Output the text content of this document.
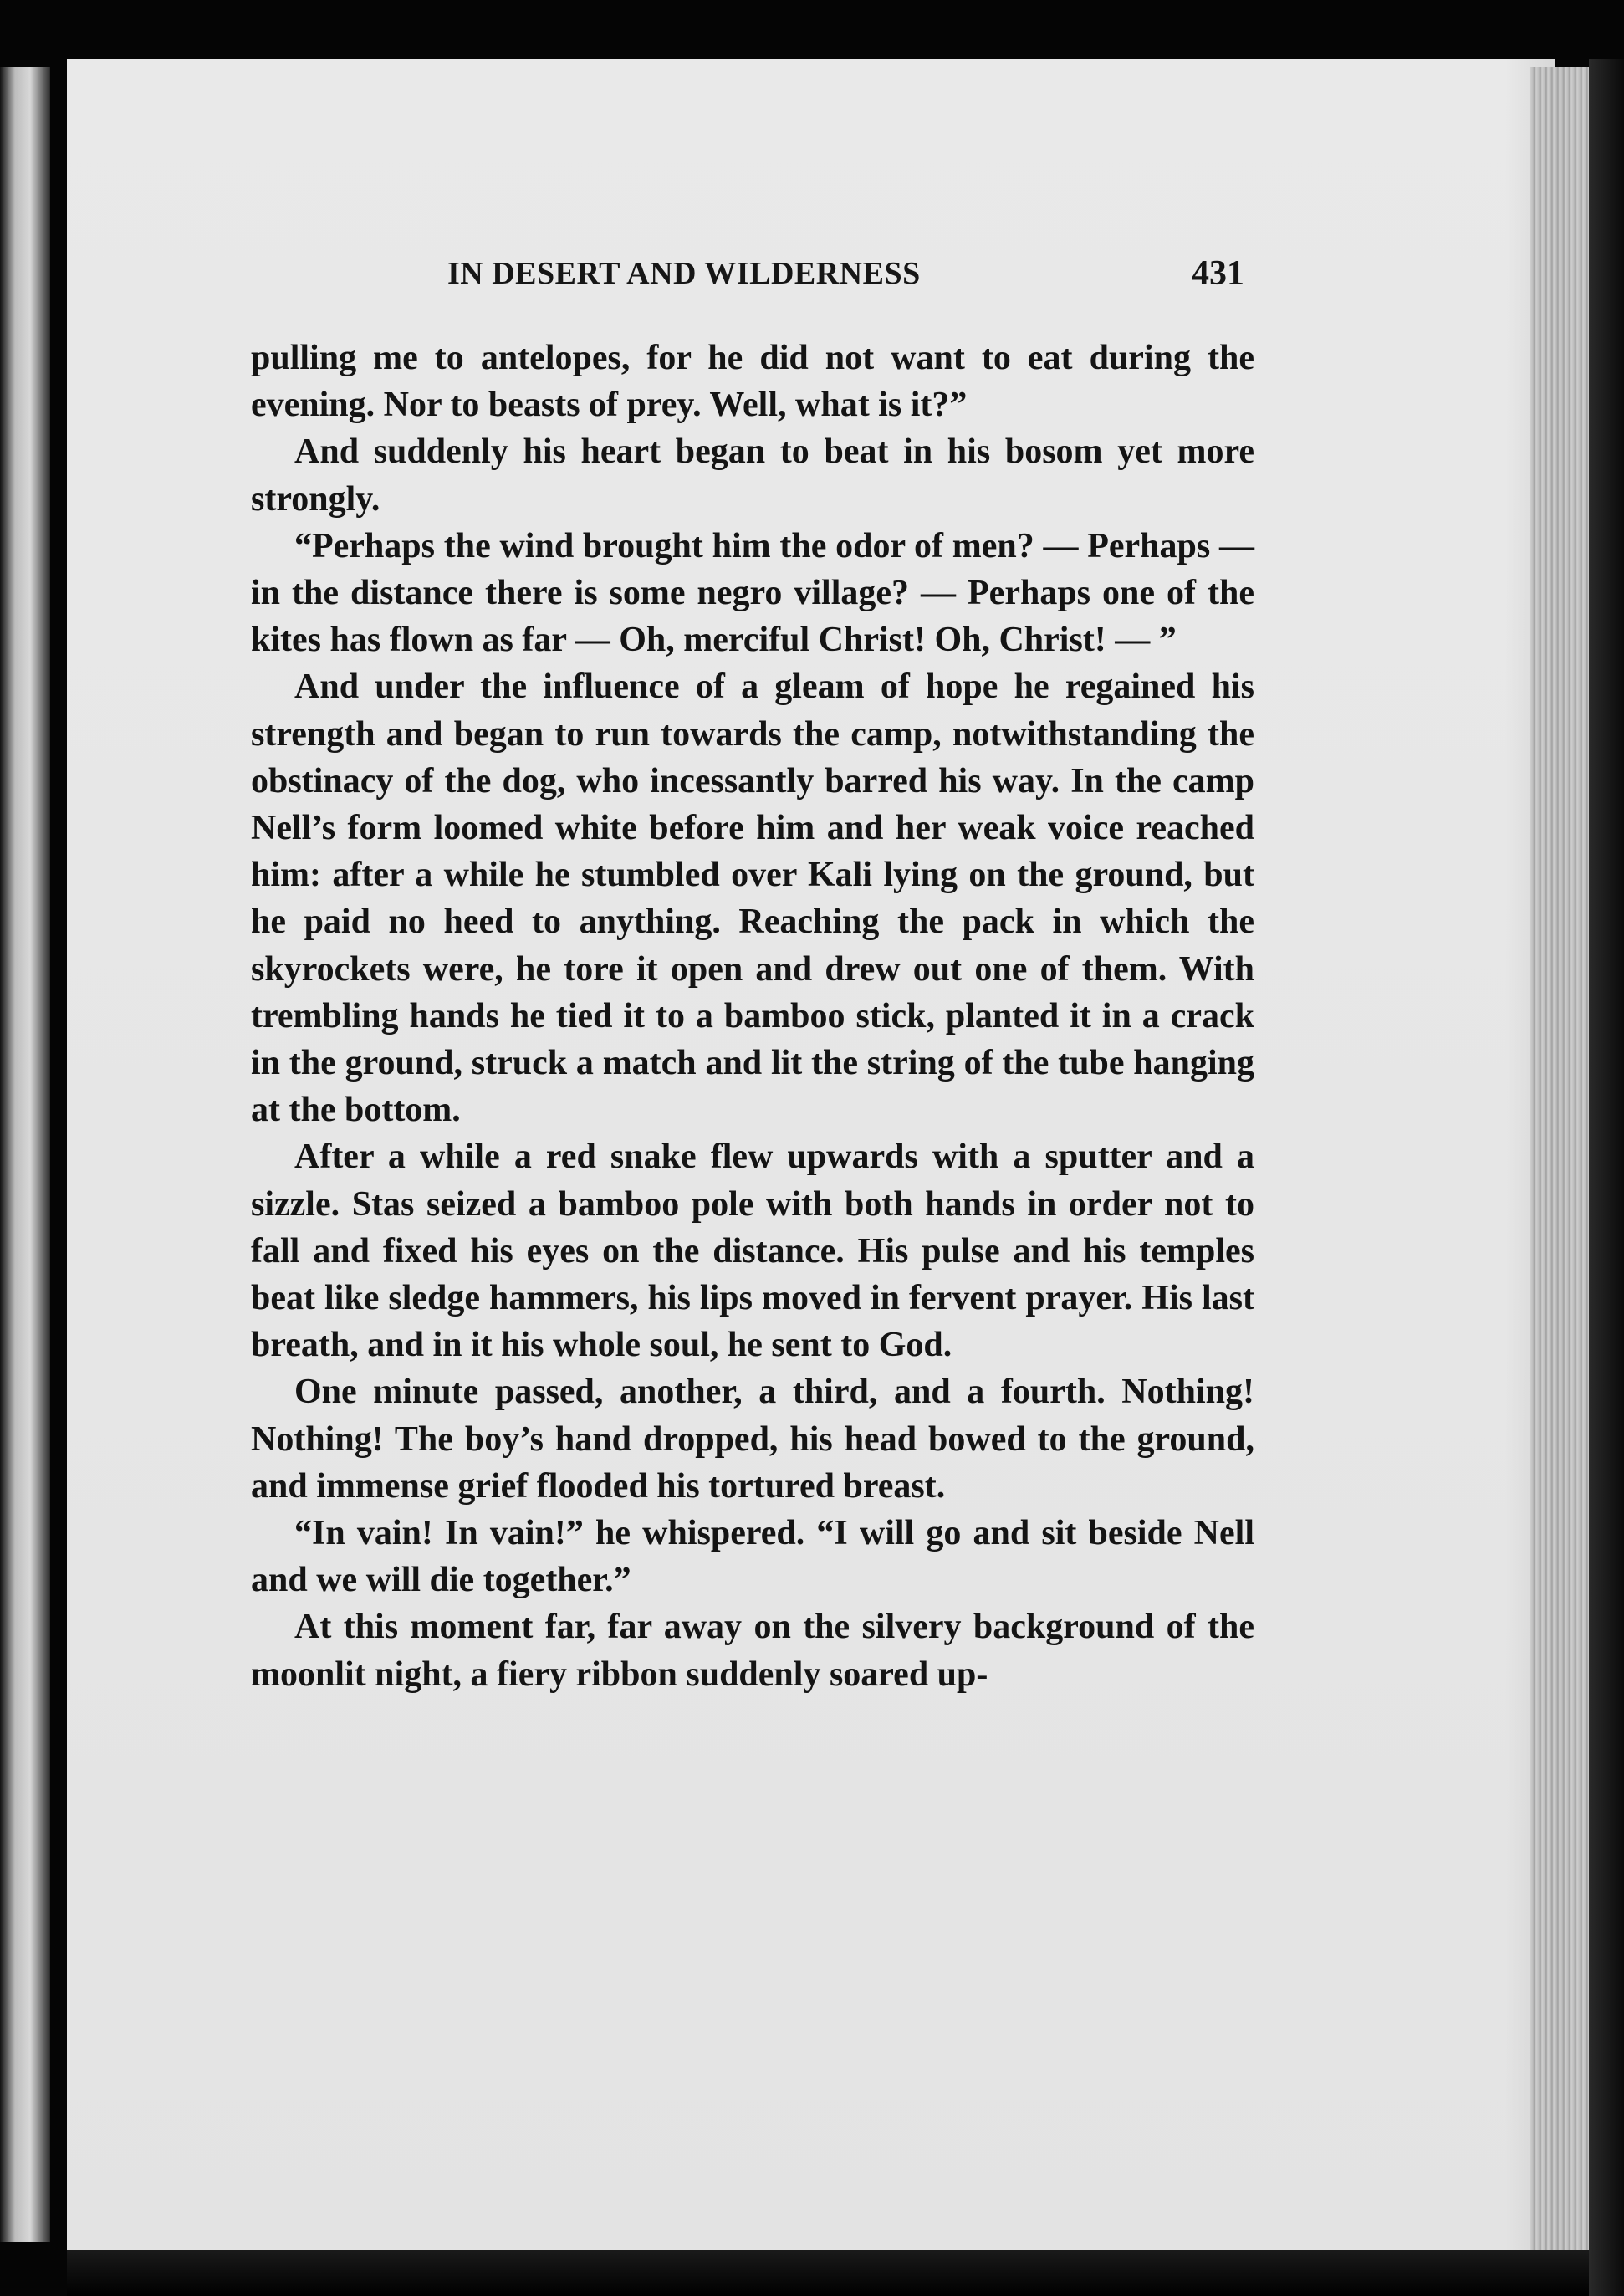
IN DESERT AND WILDERNESS	431

pulling me to antelopes, for he did not want to eat during the evening. Nor to beasts of prey. Well, what is it?”

And suddenly his heart began to beat in his bosom yet more strongly.

“Perhaps the wind brought him the odor of men? — Perhaps — in the distance there is some negro village? — Perhaps one of the kites has flown as far — Oh, merciful Christ! Oh, Christ! — ”

And under the influence of a gleam of hope he regained his strength and began to run towards the camp, notwithstanding the obstinacy of the dog, who incessantly barred his way. In the camp Nell’s form loomed white before him and her weak voice reached him: after a while he stumbled over Kali lying on the ground, but he paid no heed to anything. Reaching the pack in which the skyrockets were, he tore it open and drew out one of them. With trembling hands he tied it to a bamboo stick, planted it in a crack in the ground, struck a match and lit the string of the tube hanging at the bottom.

After a while a red snake flew upwards with a sputter and a sizzle. Stas seized a bamboo pole with both hands in order not to fall and fixed his eyes on the distance. His pulse and his temples beat like sledge hammers, his lips moved in fervent prayer. His last breath, and in it his whole soul, he sent to God.

One minute passed, another, a third, and a fourth. Nothing! Nothing! The boy’s hand dropped, his head bowed to the ground, and immense grief flooded his tortured breast.

“In vain! In vain!” he whispered. “I will go and sit beside Nell and we will die together.”

At this moment far, far away on the silvery background of the moonlit night, a fiery ribbon suddenly soared up-
